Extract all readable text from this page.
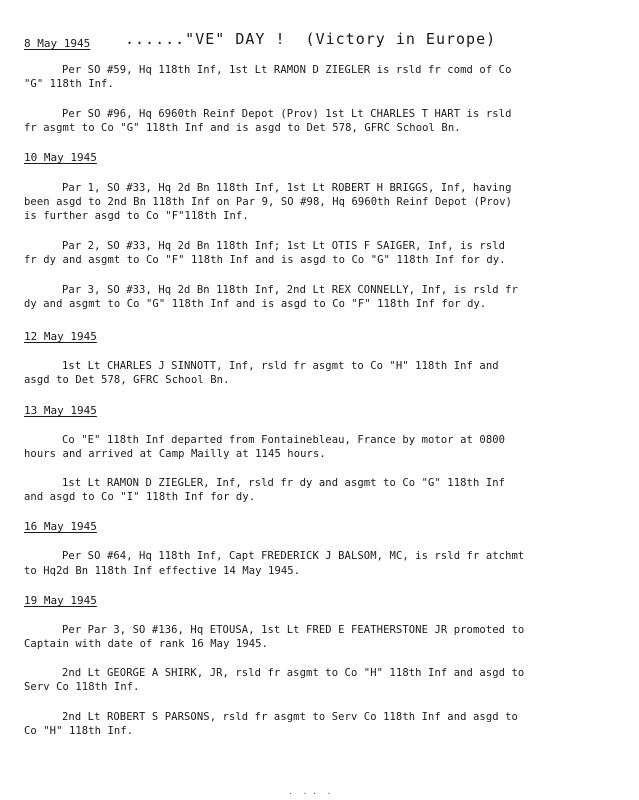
8 May 1945 ......"VE" DAY !  (Victory in Europe)
Per SO #59, Hq 118th Inf, 1st Lt RAMON D ZIEGLER is rsld fr comd of Co
"G" 118th Inf.
Per SO #96, Hq 6960th Reinf Depot (Prov) 1st Lt CHARLES T HART is rsld
fr asgmt to Co "G" 118th Inf and is asgd to Det 578, GFRC School Bn.
10 May 1945
Par 1, SO #33, Hq 2d Bn 118th Inf, 1st Lt ROBERT H BRIGGS, Inf, having
been asgd to 2nd Bn 118th Inf on Par 9, SO #98, Hq 6960th Reinf Depot (Prov)
is further asgd to Co "F"118th Inf.
Par 2, SO #33, Hq 2d Bn 118th Inf; 1st Lt OTIS F SAIGER, Inf, is rsld
fr dy and asgmt to Co "F" 118th Inf and is asgd to Co "G" 118th Inf for dy.
Par 3, SO #33, Hq 2d Bn 118th Inf, 2nd Lt REX CONNELLY, Inf, is rsld fr
dy and asgmt to Co "G" 118th Inf and is asgd to Co "F" 118th Inf for dy.
12 May 1945
1st Lt CHARLES J SINNOTT, Inf, rsld fr asgmt to Co "H" 118th Inf and
asgd to Det 578, GFRC School Bn.
13 May 1945
Co "E" 118th Inf departed from Fontainebleau, France by motor at 0800
hours and arrived at Camp Mailly at 1145 hours.
1st Lt RAMON D ZIEGLER, Inf, rsld fr dy and asgmt to Co "G" 118th Inf
and asgd to Co "I" 118th Inf for dy.
16 May 1945
Per SO #64, Hq 118th Inf, Capt FREDERICK J BALSOM, MC, is rsld fr atchmt
to Hq2d Bn 118th Inf effective 14 May 1945.
19 May 1945
Per Par 3, SO #136, Hq ETOUSA, 1st Lt FRED E FEATHERSTONE JR promoted to
Captain with date of rank 16 May 1945.
2nd Lt GEORGE A SHIRK, JR, rsld fr asgmt to Co "H" 118th Inf and asgd to
Serv Co 118th Inf.
2nd Lt ROBERT S PARSONS, rsld fr asgmt to Serv Co 118th Inf and asgd to
Co "H" 118th Inf.
·  · ·  ·
